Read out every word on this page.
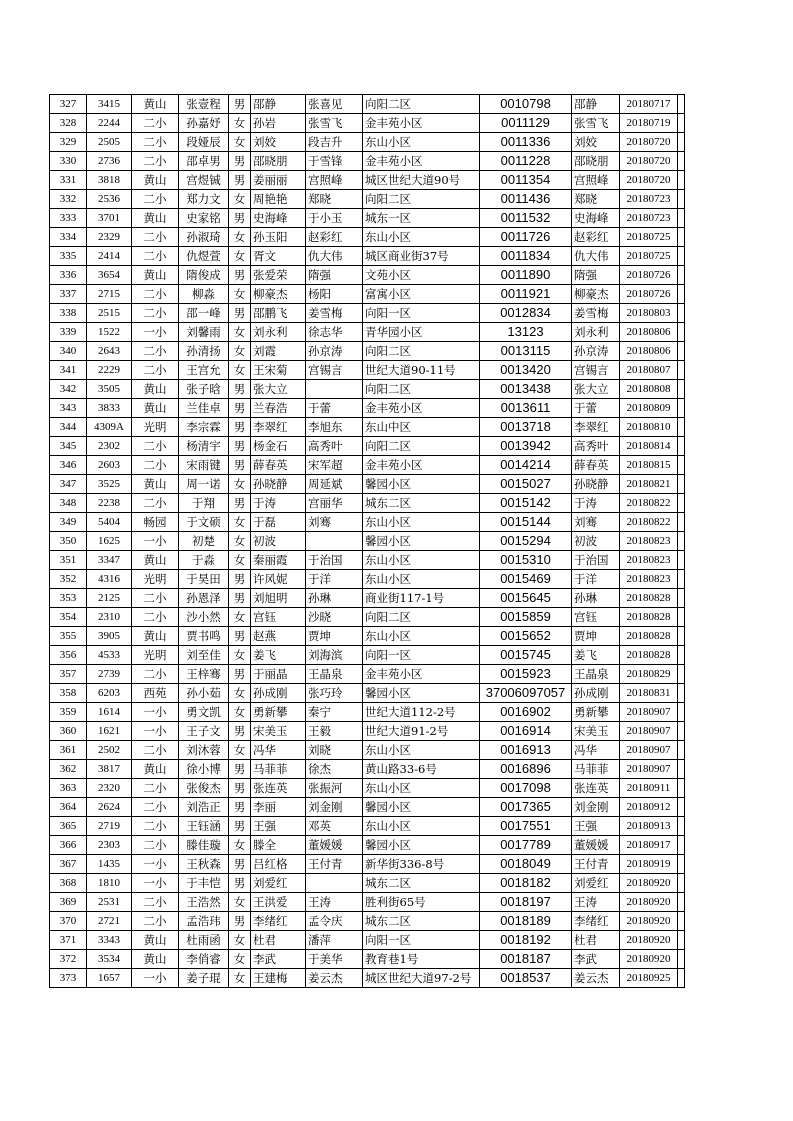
327	3415	黄山	张壹程	男	邵静	张喜见	向阳二区	0010798	邵静	20180717	
328	2244	二小	孙嘉妤	女	孙岩	张雪飞	金丰苑小区	0011129	张雪飞	20180719	
329	2505	二小	段娅辰	女	刘姣	段吉升	东山小区	0011336	刘姣	20180720	
330	2736	二小	邵卓男	男	邵晓朋	于雪锋	金丰苑小区	0011228	邵晓朋	20180720	
331	3818	黄山	宫煜铖	男	姜丽丽	宫照峰	城区世纪大道90号	0011354	宫照峰	20180720	
332	2536	二小	郑力文	女	周艳艳	郑晓	向阳二区	0011436	郑晓	20180723	
333	3701	黄山	史家铭	男	史海峰	于小玉	城东一区	0011532	史海峰	20180723	
334	2329	二小	孙淑琦	女	孙玉阳	赵彩红	东山小区	0011726	赵彩红	20180725	
335	2414	二小	仇煜萱	女	胥文	仇大伟	城区商业街37号	0011834	仇大伟	20180725	
336	3654	黄山	隋俊成	男	张爱荣	隋强	文苑小区	0011890	隋强	20180726	
337	2715	二小	柳淼	女	柳豪杰	杨阳	富寓小区	0011921	柳豪杰	20180726	
338	2515	二小	邵一峰	男	邵鹏飞	姜雪梅	向阳一区	0012834	姜雪梅	20180803	
339	1522	一小	刘馨雨	女	刘永利	徐志华	青华园小区	13123	刘永利	20180806	
340	2643	二小	孙清扬	女	刘霞	孙京涛	向阳二区	0013115	孙京涛	20180806	
341	2229	二小	王宫允	女	王宋菊	宫锡言	世纪大道90-11号	0013420	宫锡言	20180807	
342	3505	黄山	张子晗	男	张大立		向阳二区	0013438	张大立	20180808	
343	3833	黄山	兰佳卓	男	兰春浩	于蕾	金丰苑小区	0013611	于蕾	20180809	
344	4309A	光明	李宗霖	男	李翠红	李旭东	东山中区	0013718	李翠红	20180810	
345	2302	二小	杨清宇	男	杨金石	高秀叶	向阳二区	0013942	高秀叶	20180814	
346	2603	二小	宋雨键	男	薛春英	宋军超	金丰苑小区	0014214	薛春英	20180815	
347	3525	黄山	周一诺	女	孙晓静	周延斌	馨园小区	0015027	孙晓静	20180821	
348	2238	二小	于翔	男	于涛	宫丽华	城东二区	0015142	于涛	20180822	
349	5404	畅园	于文硕	女	于磊	刘骞	东山小区	0015144	刘骞	20180822	
350	1625	一小	初楚	女	初波		馨园小区	0015294	初波	20180823	
351	3347	黄山	于淼	女	秦丽霞	于治国	东山小区	0015310	于治国	20180823	
352	4316	光明	于昊田	男	许风妮	于洋	东山小区	0015469	于洋	20180823	
353	2125	二小	孙恩泽	男	刘旭明	孙琳	商业街117-1号	0015645	孙琳	20180828	
354	2310	二小	沙小然	女	宫钰	沙晓	向阳二区	0015859	宫钰	20180828	
355	3905	黄山	贾书鸣	男	赵燕	贾坤	东山小区	0015652	贾坤	20180828	
356	4533	光明	刘至佳	女	姜飞	刘海滨	向阳一区	0015745	姜飞	20180828	
357	2739	二小	王梓骞	男	于丽晶	王晶泉	金丰苑小区	0015923	王晶泉	20180829	
358	6203	西苑	孙小茹	女	孙成刚	张巧玲	馨园小区	37006097057	孙成刚	20180831	
359	1614	一小	勇文凯	女	勇新攀	秦宁	世纪大道112-2号	0016902	勇新攀	20180907	
360	1621	一小	王子文	男	宋美玉	王毅	世纪大道91-2号	0016914	宋美玉	20180907	
361	2502	二小	刘沐蓉	女	冯华	刘晓	东山小区	0016913	冯华	20180907	
362	3817	黄山	徐小博	男	马菲菲	徐杰	黄山路33-6号	0016896	马菲菲	20180907	
363	2320	二小	张俊杰	男	张连英	张振河	东山小区	0017098	张连英	20180911	
364	2624	二小	刘浩正	男	李丽	刘金刚	馨园小区	0017365	刘金刚	20180912	
365	2719	二小	王钰涵	男	王强	邓英	东山小区	0017551	王强	20180913	
366	2303	二小	滕佳璇	女	滕全	董媛媛	馨园小区	0017789	董媛媛	20180917	
367	1435	一小	王秋森	男	吕红格	王付青	新华街336-8号	0018049	王付青	20180919	
368	1810	一小	于丰恺	男	刘爱红		城东二区	0018182	刘爱红	20180920	
369	2531	二小	王浩然	女	王洪爱	王涛	胜利街65号	0018197	王涛	20180920	
370	2721	二小	孟浩玮	男	李绪红	孟令庆	城东二区	0018189	李绪红	20180920	
371	3343	黄山	杜雨函	女	杜君	潘萍	向阳一区	0018192	杜君	20180920	
372	3534	黄山	李俏睿	女	李武	于美华	教育巷1号	0018187	李武	20180920	
373	1657	一小	姜子琨	女	王建梅	姜云杰	城区世纪大道97-2号	0018537	姜云杰	20180925	
